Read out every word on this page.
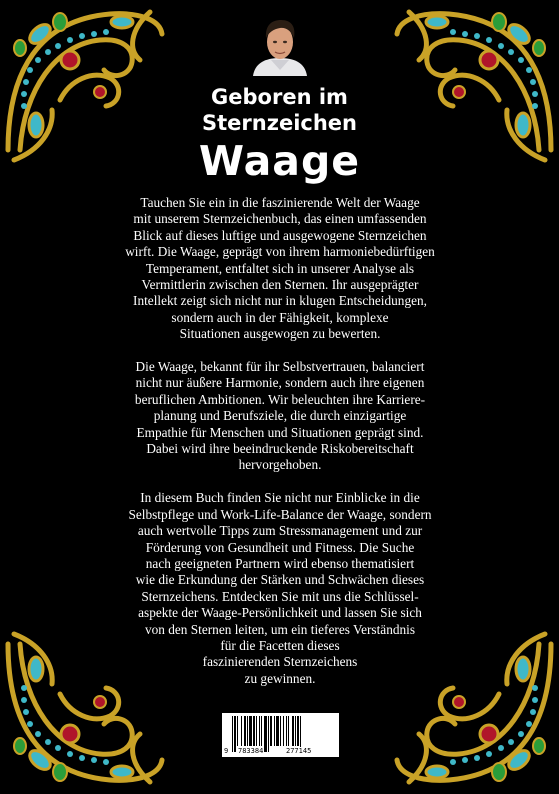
Geboren im

Sternzeichen

Waage

Tauchen Sie ein in die faszinierende Welt der Waage
mit unserem Sternzeichenbuch, das einen umfassenden
Blick auf dieses luftige und ausgewogene Sternzeichen
wirft. Die Waage, geprägt von ihrem harmoniebedürftigen
Temperament, entfaltet sich in unserer Analyse als
Vermittlerin zwischen den Sternen. Ihr ausgeprägter
Intellekt zeigt sich nicht nur in klugen Entscheidungen,
sondern auch in der Fähigkeit, komplexe
Situationen ausgewogen zu bewerten.
Die Waage, bekannt für ihr Selbstvertrauen, balanciert
nicht nur äußere Harmonie, sondern auch ihre eigenen
beruflichen Ambitionen. Wir beleuchten ihre Karriere-
planung und Berufsziele, die durch einzigartige
Empathie für Menschen und Situationen geprägt sind.
Dabei wird ihre beeindruckende Riskobereitschaft
hervorgehoben.
In diesem Buch finden Sie nicht nur Einblicke in die
Selbstpflege und Work-Life-Balance der Waage, sondern
auch wertvolle Tipps zum Stressmanagement und zur
Förderung von Gesundheit und Fitness. Die Suche
nach geeigneten Partnern wird ebenso thematisiert
wie die Erkundung der Stärken und Schwächen dieses
Sternzeichens. Entdecken Sie mit uns die Schlüssel-
aspekte der Waage-Persönlichkeit und lassen Sie sich
von den Sternen leiten, um ein tieferes Verständnis
für die Facetten dieses
faszinierenden Sternzeichens
zu gewinnen.
9 783384	277145
